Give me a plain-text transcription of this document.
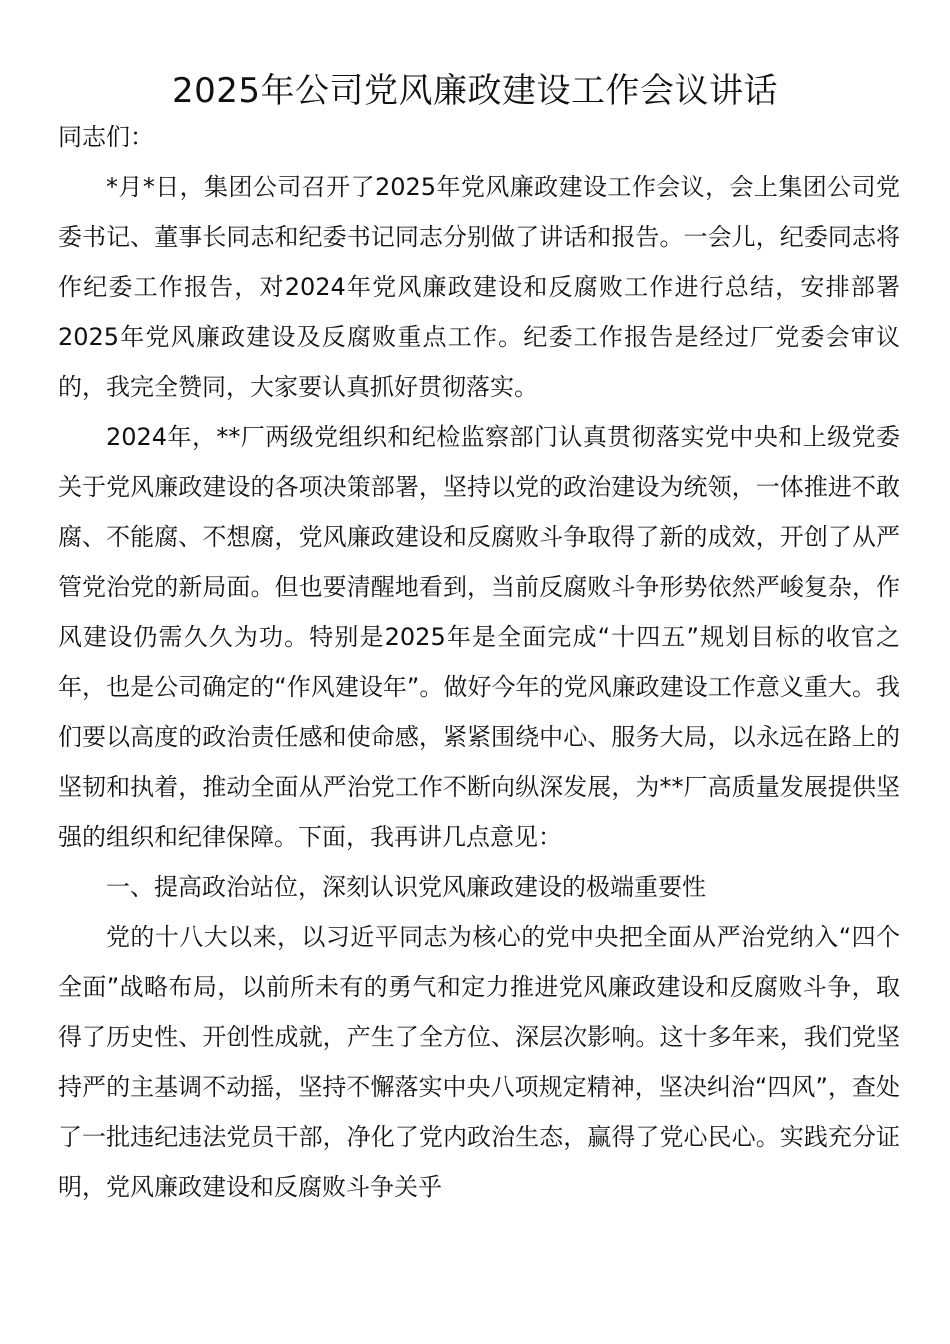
2025年公司党风廉政建设工作会议讲话

同志们：

*月*日，集团公司召开了2025年党风廉政建设工作会议，会上集团公司党委书记、董事长同志和纪委书记同志分别做了讲话和报告。一会儿，纪委同志将作纪委工作报告，对2024年党风廉政建设和反腐败工作进行总结，安排部署2025年党风廉政建设及反腐败重点工作。纪委工作报告是经过厂党委会审议的，我完全赞同，大家要认真抓好贯彻落实。

2024年，**厂两级党组织和纪检监察部门认真贯彻落实党中央和上级党委关于党风廉政建设的各项决策部署，坚持以党的政治建设为统领，一体推进不敢腐、不能腐、不想腐，党风廉政建设和反腐败斗争取得了新的成效，开创了从严管党治党的新局面。但也要清醒地看到，当前反腐败斗争形势依然严峻复杂，作风建设仍需久久为功。特别是2025年是全面完成“十四五”规划目标的收官之年，也是公司确定的“作风建设年”。做好今年的党风廉政建设工作意义重大。我们要以高度的政治责任感和使命感，紧紧围绕中心、服务大局，以永远在路上的坚韧和执着，推动全面从严治党工作不断向纵深发展，为**厂高质量发展提供坚强的组织和纪律保障。下面，我再讲几点意见：

一、提高政治站位，深刻认识党风廉政建设的极端重要性

党的十八大以来，以习近平同志为核心的党中央把全面从严治党纳入“四个全面”战略布局，以前所未有的勇气和定力推进党风廉政建设和反腐败斗争，取得了历史性、开创性成就，产生了全方位、深层次影响。这十多年来，我们党坚持严的主基调不动摇，坚持不懈落实中央八项规定精神，坚决纠治“四风”，查处了一批违纪违法党员干部，净化了党内政治生态，赢得了党心民心。实践充分证明，党风廉政建设和反腐败斗争关乎
